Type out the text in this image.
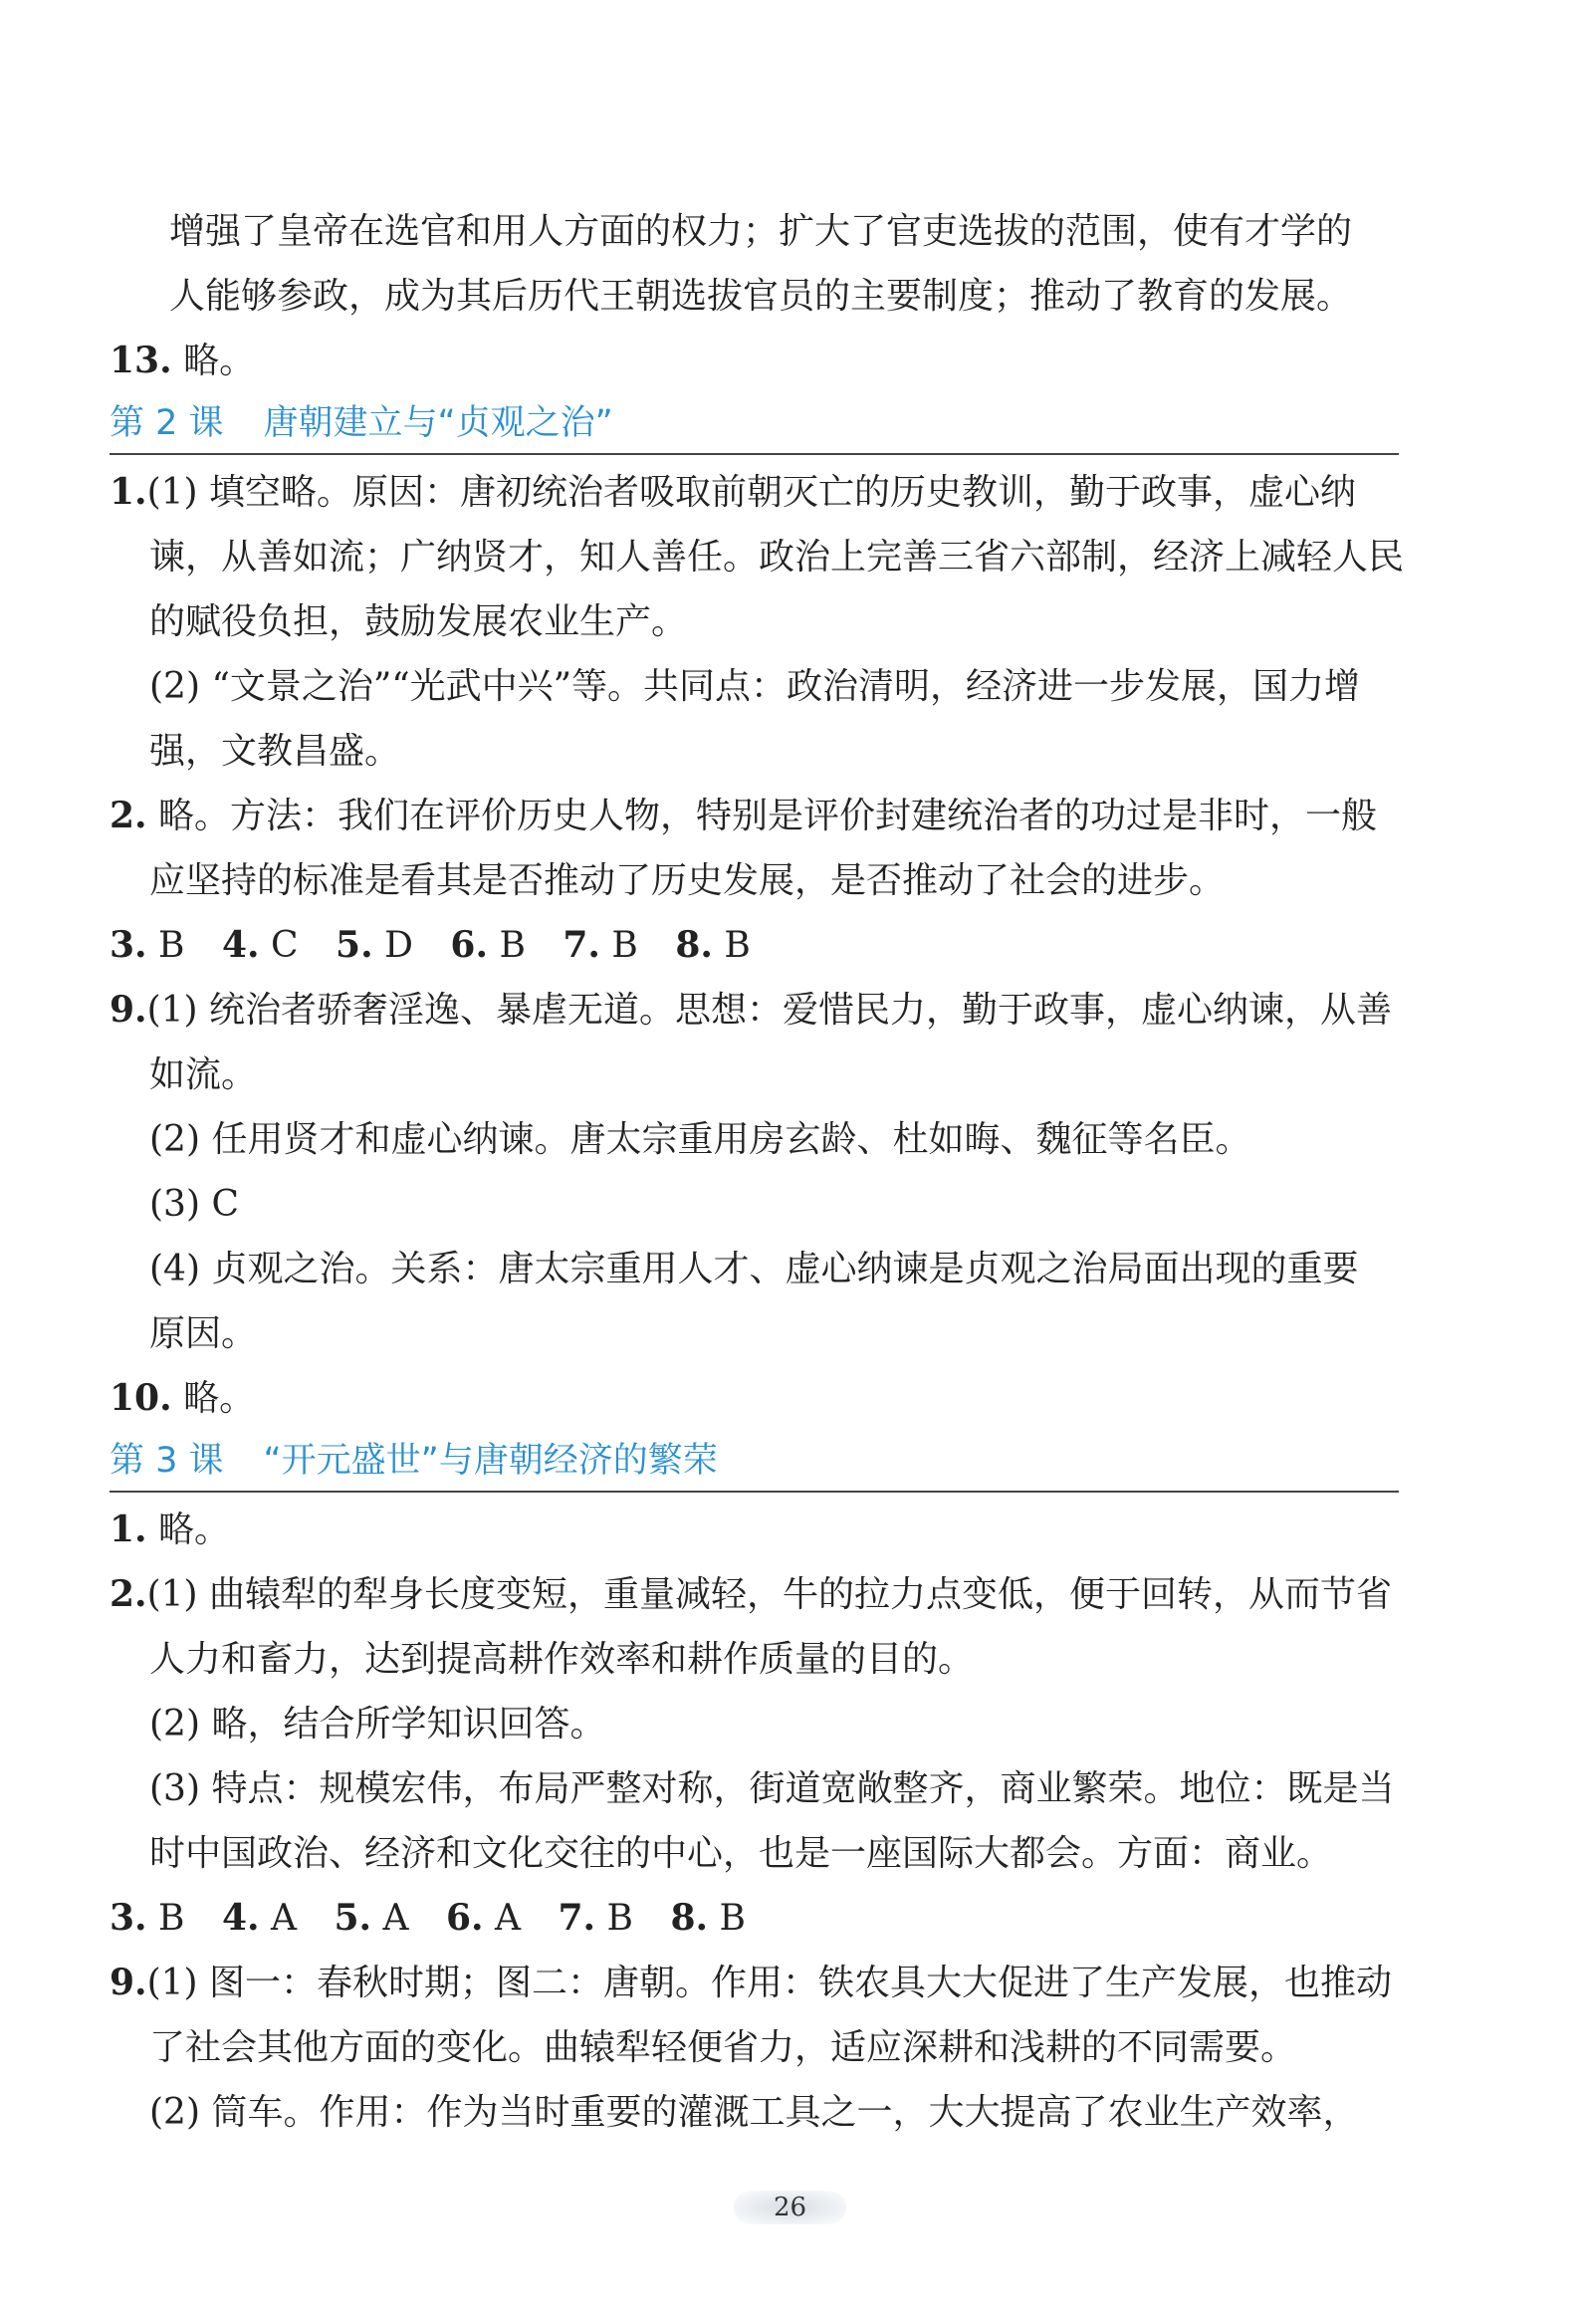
增强了皇帝在选官和用人方面的权力；扩大了官吏选拔的范围，使有才学的
人能够参政，成为其后历代王朝选拔官员的主要制度；推动了教育的发展。
13. 略。
第 2 课 唐朝建立与“贞观之治”
1.(1) 填空略。原因：唐初统治者吸取前朝灭亡的历史教训，勤于政事，虚心纳
谏，从善如流；广纳贤才，知人善任。政治上完善三省六部制，经济上减轻人民
的赋役负担，鼓励发展农业生产。
(2) “文景之治”“光武中兴”等。共同点：政治清明，经济进一步发展，国力增
强，文教昌盛。
2. 略。方法：我们在评价历史人物，特别是评价封建统治者的功过是非时，一般
应坚持的标准是看其是否推动了历史发展，是否推动了社会的进步。
3. B 4. C 5. D 6. B 7. B 8. B
9.(1) 统治者骄奢淫逸、暴虐无道。思想：爱惜民力，勤于政事，虚心纳谏，从善
如流。
(2) 任用贤才和虚心纳谏。唐太宗重用房玄龄、杜如晦、魏征等名臣。
(3) C
(4) 贞观之治。关系：唐太宗重用人才、虚心纳谏是贞观之治局面出现的重要
原因。
10. 略。
第 3 课 “开元盛世”与唐朝经济的繁荣
1. 略。
2.(1) 曲辕犁的犁身长度变短，重量减轻，牛的拉力点变低，便于回转，从而节省
人力和畜力，达到提高耕作效率和耕作质量的目的。
(2) 略，结合所学知识回答。
(3) 特点：规模宏伟，布局严整对称，街道宽敞整齐，商业繁荣。地位：既是当
时中国政治、经济和文化交往的中心，也是一座国际大都会。方面：商业。
3. B 4. A 5. A 6. A 7. B 8. B
9.(1) 图一：春秋时期；图二：唐朝。作用：铁农具大大促进了生产发展，也推动
了社会其他方面的变化。曲辕犁轻便省力，适应深耕和浅耕的不同需要。
(2) 筒车。作用：作为当时重要的灌溉工具之一，大大提高了农业生产效率，
26
